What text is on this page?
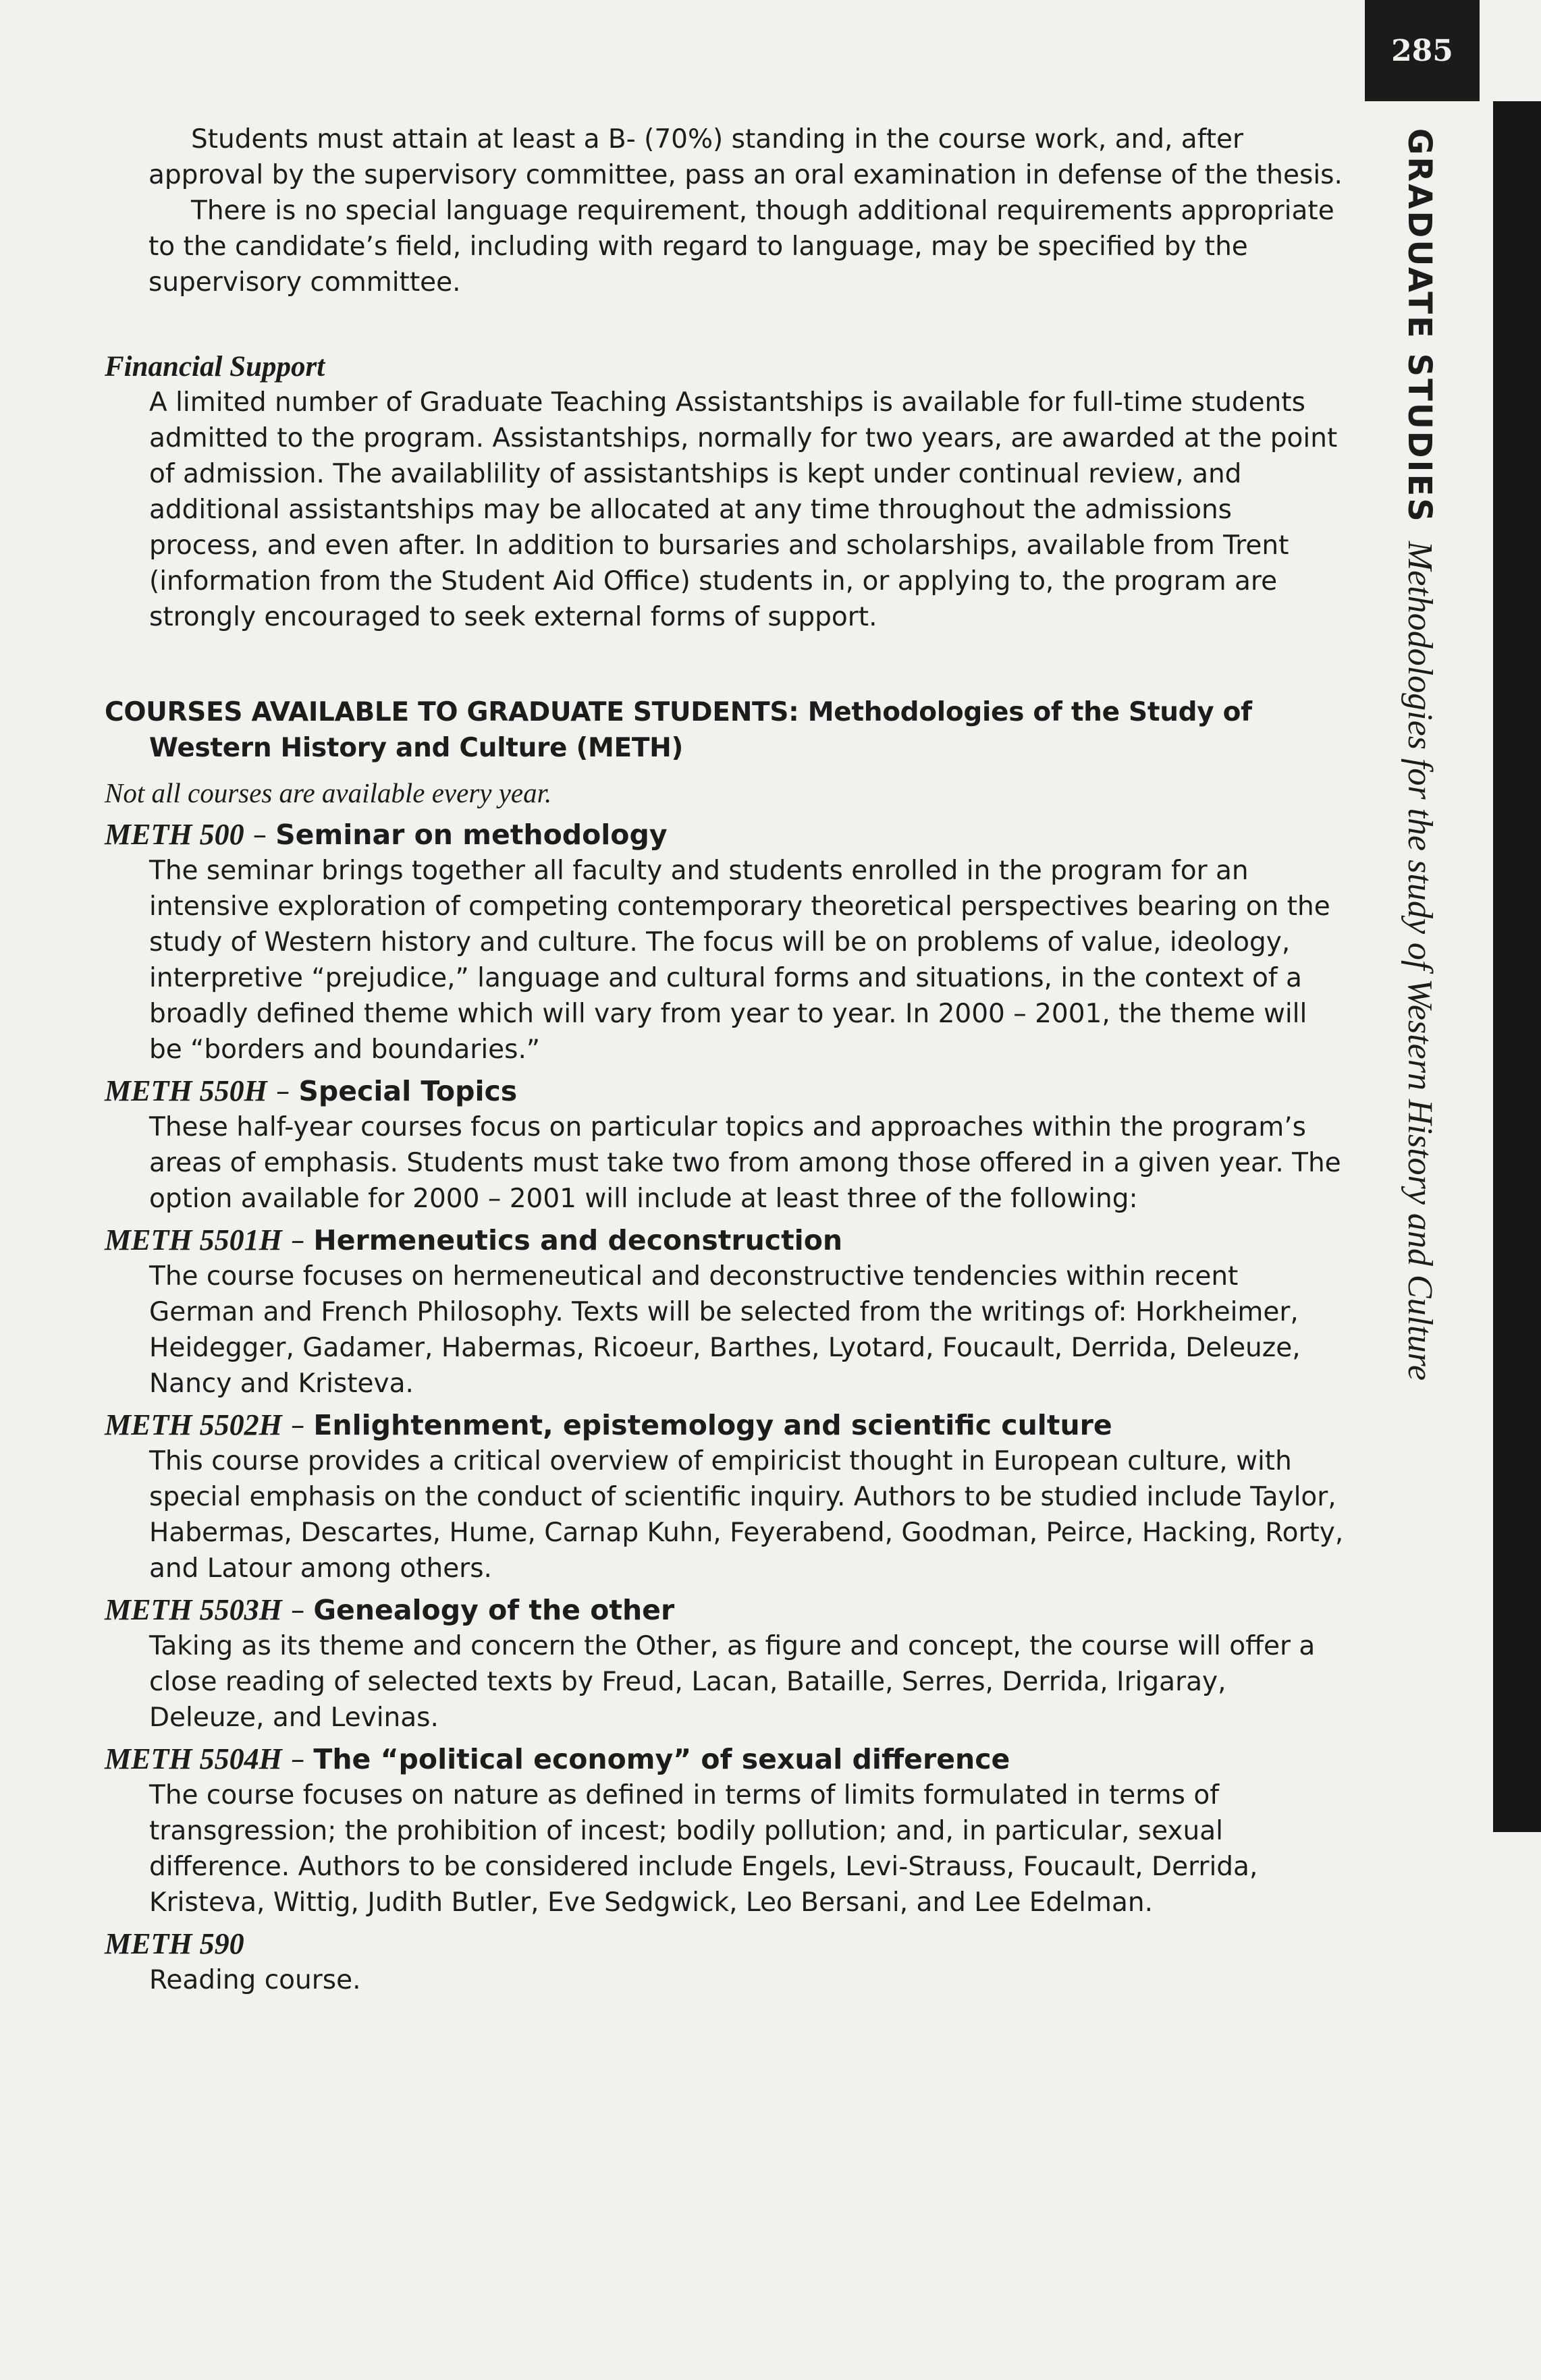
285
GRADUATE STUDIESMethodologies for the study of Western History and Culture

Students must attain at least a B- (70%) standing in the course work, and, after approval by the supervisory committee, pass an oral examination in defense of the thesis.

There is no special language requirement, though additional requirements appropriate to the candidate’s field, including with regard to language, may be specified by the supervisory committee.

Financial Support

A limited number of Graduate Teaching Assistantships is available for full-time students admitted to the program. Assistantships, normally for two years, are awarded at the point of admission. The availablility of assistantships is kept under continual review, and additional assistantships may be allocated at any time throughout the admissions process, and even after. In addition to bursaries and scholarships, available from Trent (information from the Student Aid Office) students in, or applying to, the program are strongly encouraged to seek external forms of support.

COURSES AVAILABLE TO GRADUATE STUDENTS: Methodologies of the Study of Western History and Culture (METH)

Not all courses are available every year.

METH 500 – Seminar on methodology

The seminar brings together all faculty and students enrolled in the program for an intensive exploration of competing contemporary theoretical perspectives bearing on the study of Western history and culture. The focus will be on problems of value, ideology, interpretive “prejudice,” language and cultural forms and situations, in the context of a broadly defined theme which will vary from year to year. In 2000 – 2001, the theme will be “borders and boundaries.”

METH 550H – Special Topics

These half-year courses focus on particular topics and approaches within the program’s areas of emphasis. Students must take two from among those offered in a given year. The option available for 2000 – 2001 will include at least three of the following:

METH 5501H – Hermeneutics and deconstruction

The course focuses on hermeneutical and deconstructive tendencies within recent German and French Philosophy. Texts will be selected from the writings of: Horkheimer, Heidegger, Gadamer, Habermas, Ricoeur, Barthes, Lyotard, Foucault, Derrida, Deleuze, Nancy and Kristeva.

METH 5502H – Enlightenment, epistemology and scientific culture

This course provides a critical overview of empiricist thought in European culture, with special emphasis on the conduct of scientific inquiry. Authors to be studied include Taylor, Habermas, Descartes, Hume, Carnap Kuhn, Feyerabend, Goodman, Peirce, Hacking, Rorty, and Latour among others.

METH 5503H – Genealogy of the other

Taking as its theme and concern the Other, as figure and concept, the course will offer a close reading of selected texts by Freud, Lacan, Bataille, Serres, Derrida, Irigaray, Deleuze, and Levinas.

METH 5504H – The “political economy” of sexual difference

The course focuses on nature as defined in terms of limits formulated in terms of transgression; the prohibition of incest; bodily pollution; and, in particular, sexual difference. Authors to be considered include Engels, Levi-Strauss, Foucault, Derrida, Kristeva, Wittig, Judith Butler, Eve Sedgwick, Leo Bersani, and Lee Edelman.

METH 590

Reading course.
